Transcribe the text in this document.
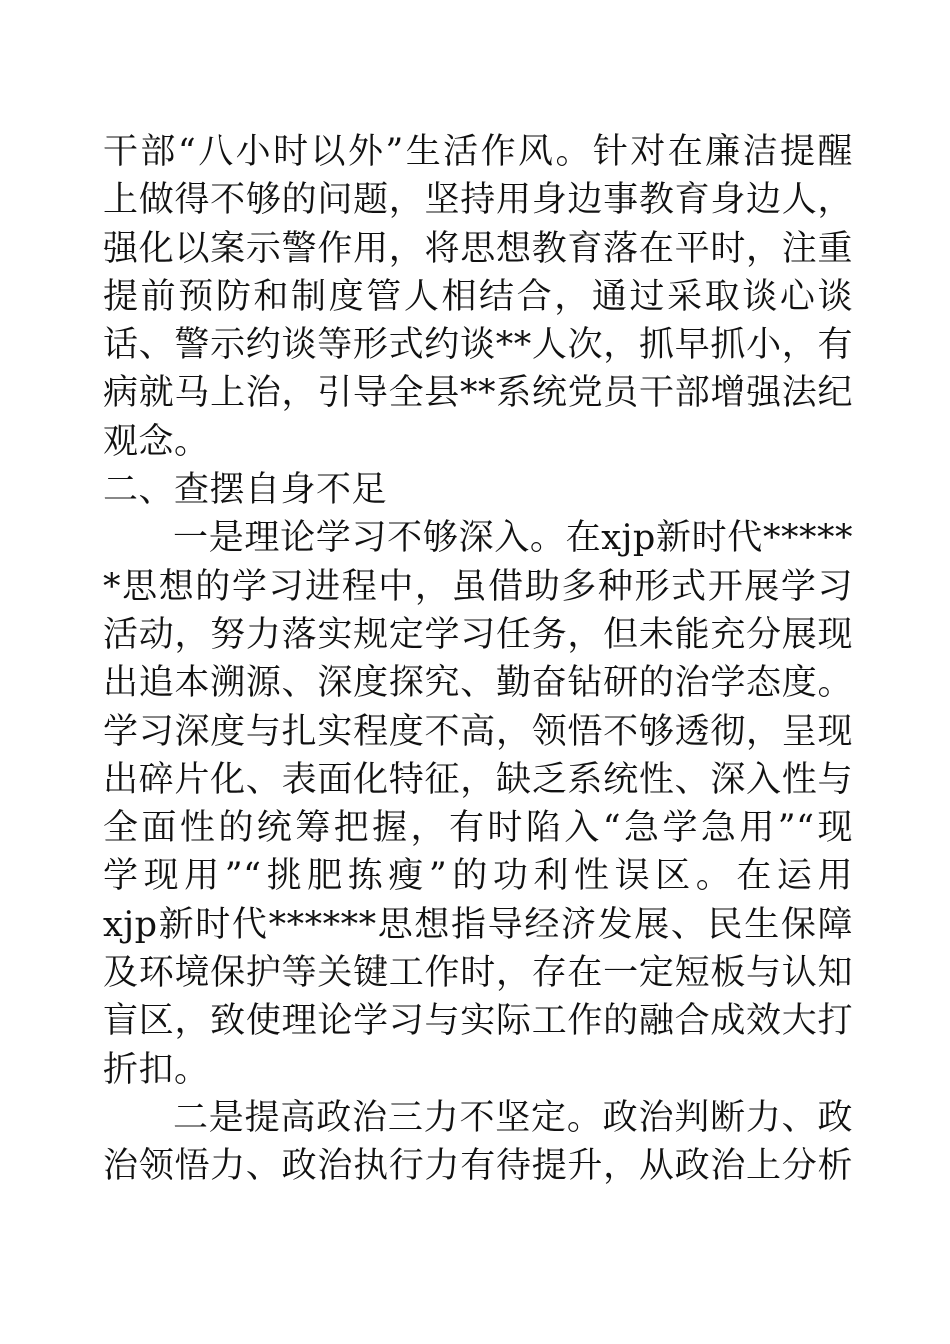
干部“八小时以外”生活作风。针对在廉洁提醒
上做得不够的问题，坚持用身边事教育身边人，
强化以案示警作用，将思想教育落在平时，注重
提前预防和制度管人相结合，通过采取谈心谈
话、警示约谈等形式约谈**人次，抓早抓小，有
病就马上治，引导全县**系统党员干部增强法纪
观念。
二、查摆自身不足
一是理论学习不够深入。在xjp新时代*****
*思想的学习进程中，虽借助多种形式开展学习
活动，努力落实规定学习任务，但未能充分展现
出追本溯源、深度探究、勤奋钻研的治学态度。
学习深度与扎实程度不高，领悟不够透彻，呈现
出碎片化、表面化特征，缺乏系统性、深入性与
全面性的统筹把握，有时陷入“急学急用”“现
学现用”“挑肥拣瘦”的功利性误区。在运用
xjp新时代******思想指导经济发展、民生保障
及环境保护等关键工作时，存在一定短板与认知
盲区，致使理论学习与实际工作的融合成效大打
折扣。
二是提高政治三力不坚定。政治判断力、政
治领悟力、政治执行力有待提升，从政治上分析
